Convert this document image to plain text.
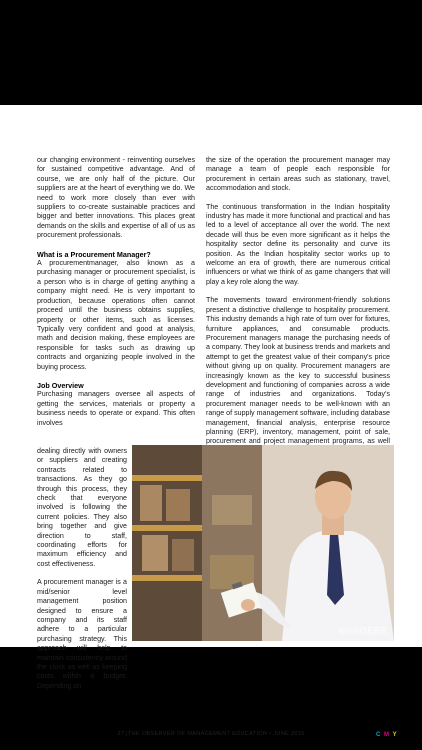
our changing environment - reinventing ourselves for sustained competitive advantage. And of course, we are only half of the picture. Our suppliers are at the heart of everything we do. We need to work more closely than ever with suppliers to co-create sustainable practices and bigger and better innovations. This places great demands on the skills and expertise of all of us as procurement professionals.

What is a Procurement Manager?

A procurementmanager, also known as a purchasing manager or procurement specialist, is a person who is in charge of getting anything a company might need. He is very important to production, because operations often cannot proceed until the business obtains supplies, property or other items, such as licenses. Typically very confident and good at analysis, math and decision making, these employees are responsible for tasks such as drawing up contracts and organizing people involved in the buying process.

Job Overview

Purchasing managers oversee all aspects of getting the services, materials or property a business needs to operate or expand. This often involves

dealing directly with owners or suppliers and creating contracts related to transactions. As they go through this process, they check that everyone involved is following the current policies. They also bring together and give direction to staff, coordinating efforts for maximum efficiency and cost effectiveness.

A procurement manager is a mid/senior level management position designed to ensure a company and its staff adhere to a particular purchasing strategy. This approach will help to maintain consistency around the clock as well as keeping costs within a budget. Depending on

the size of the operation the procurement manager may manage a team of people each responsible for procurement in certain areas such as stationary, travel, accommodation and stock.

The continuous transformation in the Indian hospitality industry has made it more functional and practical and has led to a level of acceptance all over the world. The next decade will thus be even more significant as it helps the hospitality sector define its personality and curve its position. As the Indian hospitality sector works up to welcome an era of growth, there are numerous critical influencers or what we think of as game changers that will play a key role along the way.

The movements toward environment-friendly solutions present a distinctive challenge to hospitality procurement. This industry demands a high rate of turn over for fixtures, furniture appliances, and consumable products. Procurement managers manage the purchasing needs of a company. They look at business trends and markets and attempt to get the greatest value of their company's price without giving up on quality. Procurement managers are increasingly known as the key to successful business development and functioning of companies across a wide range of industries and organizations. Today's procurement manager needs to be well-known with an range of supply management software, including database management, financial analysis, enterprise resource planning (ERP), inventory, management, point of sale, procurement and project management programs, as well

wiseGEEK
37 |THE OBSERVER OF MANAGEMENT EDUCATION • JUNE 2016	C M Y K +
